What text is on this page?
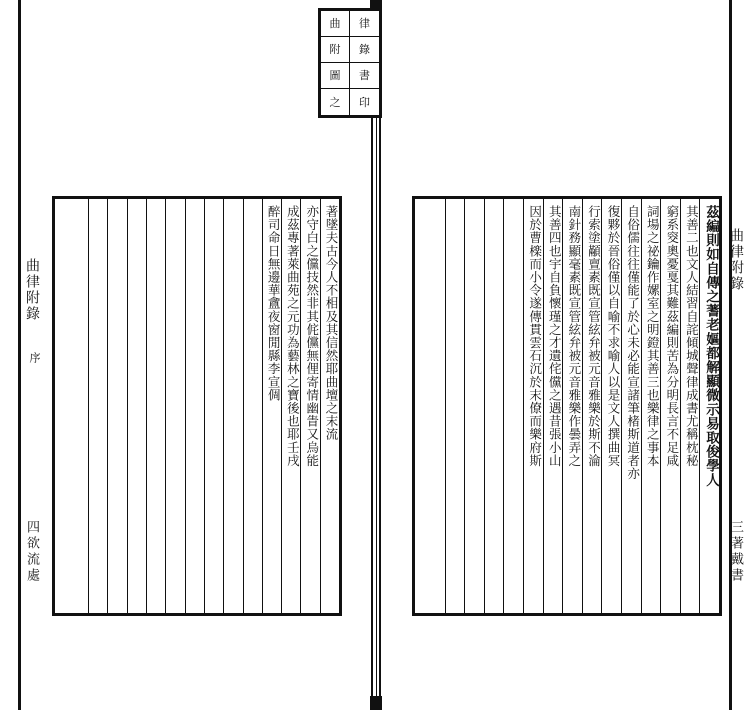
曲	律
附	錄
圖	書
之	印
茲編則如自傳之蓍老嫗都解顯微示易取俊學人
其善二也文人結習自詫傾城聲律成書尤稱枕秘
窮系窔奧憂戛其難茲編則苦為分明長言不足咸
詞場之祕鑰作嫘室之明鐙其善三也樂律之事本
自俗儒往往僅能了於心未必能宣諸筆楮斯道者亦
復夥於晉俗僅以自喻不求喻人以是文人撰曲冥
行索塗顢亶素既宣管絃弁被元音雅樂於斯不淪
南針務顯毫素既宣管絃弁被元音雅樂作曇弄之
其善四也宇自負懷瑾之才遺侘儻之遇昔張小山
因於曹檪而小令遂傳貫雲石沉於末僚而樂府斯
著墜夫古今人不相及其信然耶曲壇之末流
亦守白之儻技然非其侂儻無俚寄情幽眚又烏能
成茲專著萊曲苑之元功為藝林之寶後也耶壬戌
醉司命日無邊華盦夜窗閒縣李宣倜
曲律附錄
序
四欲流處
曲律附錄
三著戴書
